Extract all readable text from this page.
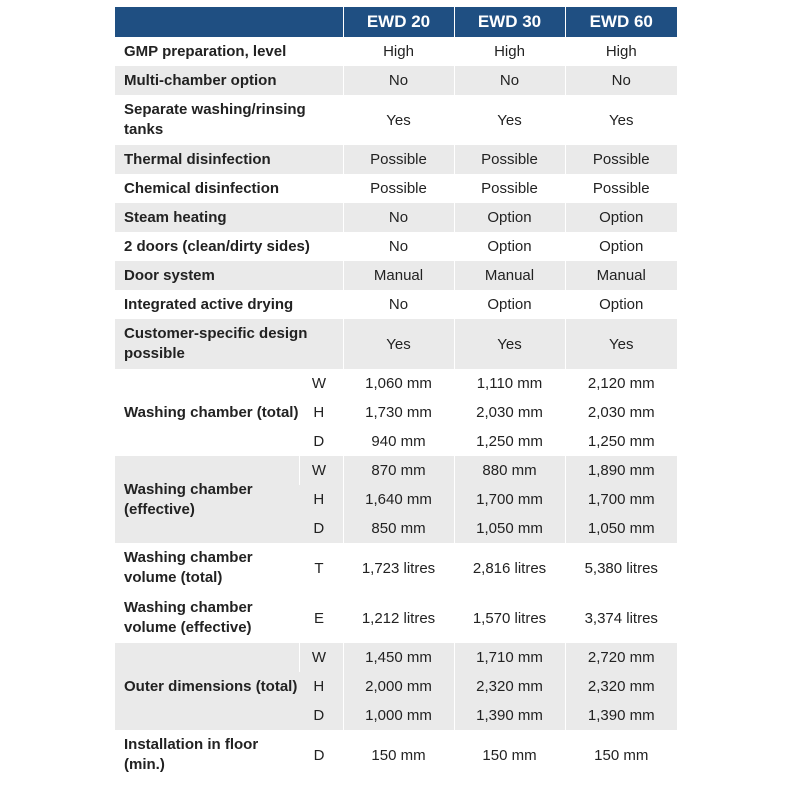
		EWD 20	EWD 30	EWD 60
GMP preparation, level		High	High	High
Multi-chamber option		No	No	No
Separate washing/rinsing tanks		Yes	Yes	Yes
Thermal disinfection		Possible	Possible	Possible
Chemical disinfection		Possible	Possible	Possible
Steam heating		No	Option	Option
2 doors (clean/dirty sides)		No	Option	Option
Door system		Manual	Manual	Manual
Integrated active drying		No	Option	Option
Customer-specific design possible		Yes	Yes	Yes
Washing chamber (total)	W	1,060 mm	1,110 mm	2,120 mm
	H	1,730 mm	2,030 mm	2,030 mm
	D	940 mm	1,250 mm	1,250 mm
Washing chamber (effective)	W	870 mm	880 mm	1,890 mm
	H	1,640 mm	1,700 mm	1,700 mm
	D	850 mm	1,050 mm	1,050 mm
Washing chamber volume (total)	T	1,723 litres	2,816 litres	5,380 litres
Washing chamber volume (effective)	E	1,212 litres	1,570 litres	3,374 litres
Outer dimensions (total)	W	1,450 mm	1,710 mm	2,720 mm
	H	2,000 mm	2,320 mm	2,320 mm
	D	1,000 mm	1,390 mm	1,390 mm
Installation in floor (min.)	D	150 mm	150 mm	150 mm
